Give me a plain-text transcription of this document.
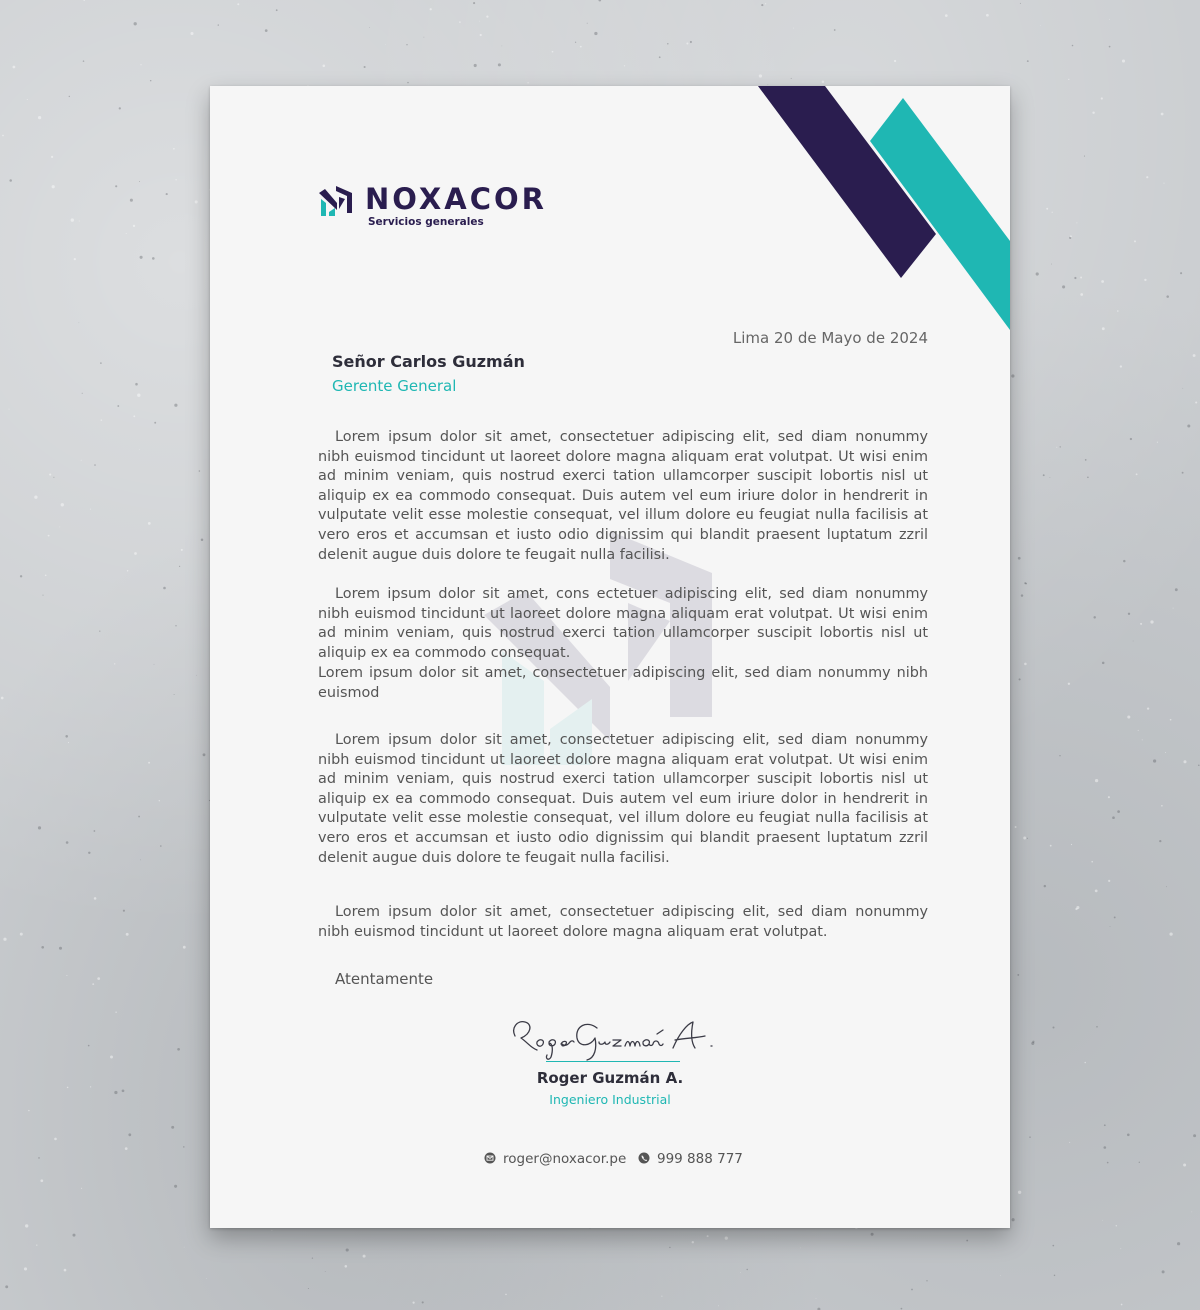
NOXACOR
Servicios generales
Lima 20 de Mayo de 2024
Señor Carlos Guzmán
Gerente General

Lorem ipsum dolor sit amet, consectetuer adipiscing elit, sed diam nonummy nibh euismod tincidunt ut laoreet dolore magna aliquam erat volutpat. Ut wisi enim ad minim veniam, quis nostrud exerci tation ullamcorper suscipit lobortis nisl ut aliquip ex ea commodo consequat. Duis autem vel eum iriure dolor in hendrerit in vulputate velit esse molestie consequat, vel illum dolore eu feugiat nulla facilisis at vero eros et accumsan et iusto odio dignissim qui blandit praesent luptatum zzril delenit augue duis dolore te feugait nulla facilisi.

Lorem ipsum dolor sit amet, cons ectetuer adipiscing elit, sed diam nonummy nibh euismod tincidunt ut laoreet dolore magna aliquam erat volutpat. Ut wisi enim ad minim veniam, quis nostrud exerci tation ullamcorper suscipit lobortis nisl ut aliquip ex ea commodo consequat.

Lorem ipsum dolor sit amet, consectetuer adipiscing elit, sed diam nonummy nibh euismod

Lorem ipsum dolor sit amet, consectetuer adipiscing elit, sed diam nonummy nibh euismod tincidunt ut laoreet dolore magna aliquam erat volutpat. Ut wisi enim ad minim veniam, quis nostrud exerci tation ullamcorper suscipit lobortis nisl ut aliquip ex ea commodo consequat. Duis autem vel eum iriure dolor in hendrerit in vulputate velit esse molestie consequat, vel illum dolore eu feugiat nulla facilisis at vero eros et accumsan et iusto odio dignissim qui blandit praesent luptatum zzril delenit augue duis dolore te feugait nulla facilisi.

Lorem ipsum dolor sit amet, consectetuer adipiscing elit, sed diam nonummy nibh euismod tincidunt ut laoreet dolore magna aliquam erat volutpat.

Atentamente
Roger Guzmán A.
Ingeniero Industrial
roger@noxacor.pe	999 888 777
